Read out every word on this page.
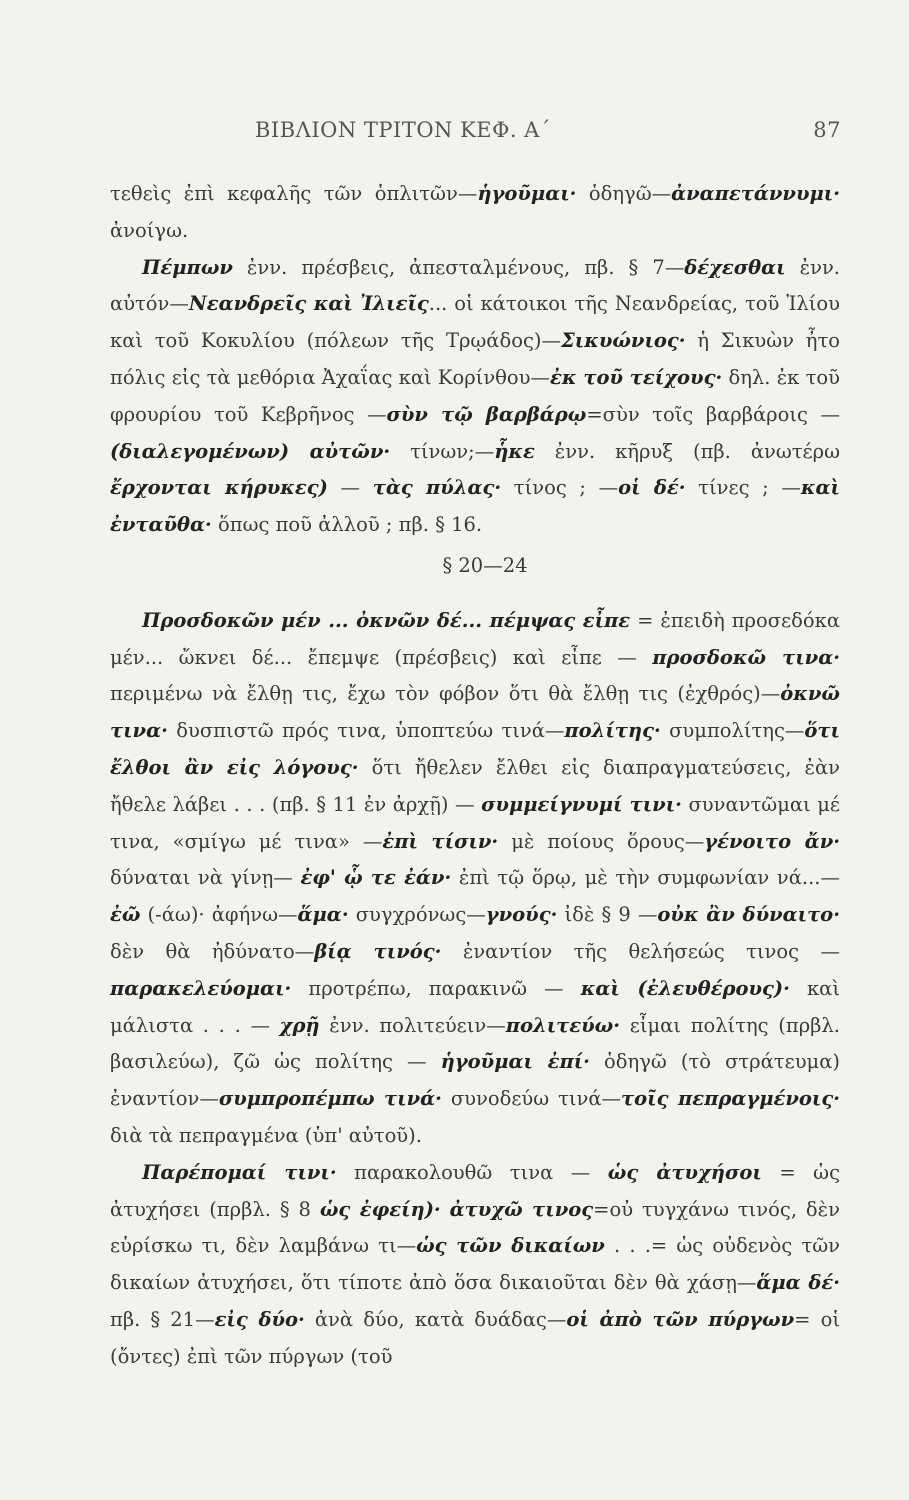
ΒΙΒΛΙΟΝ ΤΡΙΤΟΝ ΚΕΦ. Α΄	87

τεθεὶς ἐπὶ κεφαλῆς τῶν ὁπλιτῶν—ἡγοῦμαι· ὁδηγῶ—ἀναπετάννυμι· ἀνοίγω.

Πέμπων ἐνν. πρέσβεις, ἀπεσταλμένους, πβ. § 7—δέχεσθαι ἐνν. αὐτόν—Νεανδρεῖς καὶ Ἰλιεῖς... οἱ κάτοικοι τῆς Νεανδρείας, τοῦ Ἰλίου καὶ τοῦ Κοκυλίου (πόλεων τῆς Τρῳάδος)—Σικυώνιος· ἡ Σικυὼν ἦτο πόλις εἰς τὰ μεθόρια Ἀχαΐας καὶ Κορίνθου—ἐκ τοῦ τείχους· δηλ. ἐκ τοῦ φρουρίου τοῦ Κεβρῆνος —σὺν τῷ βαρβάρῳ=σὺν τοῖς βαρβάροις — (διαλεγομένων) αὐτῶν· τίνων;—ἧκε ἐνν. κῆρυξ (πβ. ἀνωτέρω ἔρχονται κήρυκες) — τὰς πύλας· τίνος ; —οἱ δέ· τίνες ; —καὶ ἐνταῦθα· ὅπως ποῦ ἀλλοῦ ; πβ. § 16.

§ 20—24

Προσδοκῶν μέν ... ὀκνῶν δέ... πέμψας εἶπε = ἐπειδὴ προσεδόκα μέν... ὤκνει δέ... ἔπεμψε (πρέσβεις) καὶ εἶπε — προσδοκῶ τινα· περιμένω νὰ ἔλθῃ τις, ἔχω τὸν φόβον ὅτι θὰ ἔλθῃ τις (ἐχθρός)—ὀκνῶ τινα· δυσπιστῶ πρός τινα, ὑποπτεύω τινά—πολίτης· συμπολίτης—ὅτι ἔλθοι ἂν εἰς λόγους· ὅτι ἤθελεν ἔλθει εἰς διαπραγματεύσεις, ἐὰν ἤθελε λάβει . . . (πβ. § 11 ἐν ἀρχῇ) — συμμείγνυμί τινι· συναντῶμαι μέ τινα, «σμίγω μέ τινα» —ἐπὶ τίσιν· μὲ ποίους ὅρους—γένοιτο ἄν· δύναται νὰ γίνῃ— ἐφ' ᾧ τε ἐάν· ἐπὶ τῷ ὅρῳ, μὲ τὴν συμφωνίαν νά...—ἐῶ (-άω)· ἀφήνω—ἅμα· συγχρόνως—γνούς· ἰδὲ § 9 —οὐκ ἂν δύναιτο· δὲν θὰ ἠδύνατο—βίᾳ τινός· ἐναντίον τῆς θελήσεώς τινος —παρακελεύομαι· προτρέπω, παρακινῶ — καὶ (ἐλευθέρους)· καὶ μάλιστα . . . — χρῇ ἐνν. πολιτεύειν—πολιτεύω· εἶμαι πολίτης (πρβλ. βασιλεύω), ζῶ ὡς πολίτης — ἡγοῦμαι ἐπί· ὁδηγῶ (τὸ στράτευμα) ἐναντίον—συμπροπέμπω τινά· συνοδεύω τινά—τοῖς πεπραγμένοις· διὰ τὰ πεπραγμένα (ὑπ' αὐτοῦ).

Παρέπομαί τινι· παρακολουθῶ τινα — ὡς ἀτυχήσοι = ὡς ἀτυχήσει (πρβλ. § 8 ὡς ἐφείη)· ἀτυχῶ τινος=οὐ τυγχάνω τινός, δὲν εὑρίσκω τι, δὲν λαμβάνω τι—ὡς τῶν δικαίων . . .= ὡς οὐδενὸς τῶν δικαίων ἀτυχήσει, ὅτι τίποτε ἀπὸ ὅσα δικαιοῦται δὲν θὰ χάσῃ—ἅμα δέ· πβ. § 21—εἰς δύο· ἀνὰ δύο, κατὰ δυάδας—οἱ ἀπὸ τῶν πύργων= οἱ (ὄντες) ἐπὶ τῶν πύργων (τοῦ
